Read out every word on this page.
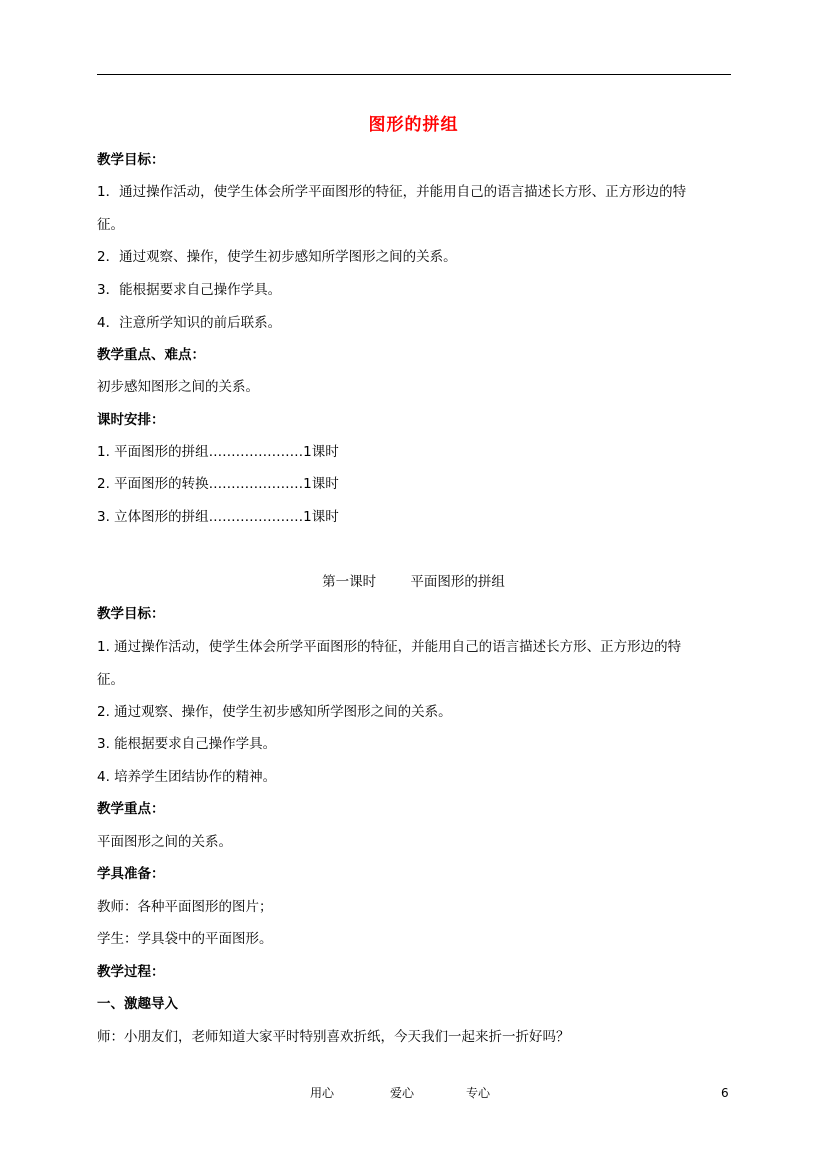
图形的拼组
教学目标：
1．通过操作活动，使学生体会所学平面图形的特征，并能用自己的语言描述长方形、正方形边的特
征。
2．通过观察、操作，使学生初步感知所学图形之间的关系。
3．能根据要求自己操作学具。
4．注意所学知识的前后联系。
教学重点、难点：
初步感知图形之间的关系。
课时安排：
1. 平面图形的拼组…………………1课时
2. 平面图形的转换…………………1课时
3. 立体图形的拼组…………………1课时
第一课时        平面图形的拼组
教学目标：
1. 通过操作活动，使学生体会所学平面图形的特征，并能用自己的语言描述长方形、正方形边的特
征。
2. 通过观察、操作，使学生初步感知所学图形之间的关系。
3. 能根据要求自己操作学具。
4. 培养学生团结协作的精神。
教学重点：
平面图形之间的关系。
学具准备：
教师：各种平面图形的图片；
学生：学具袋中的平面图形。
教学过程：
一、激趣导入
师：小朋友们，老师知道大家平时特别喜欢折纸，今天我们一起来折一折好吗？
用心	爱心	专心	6
